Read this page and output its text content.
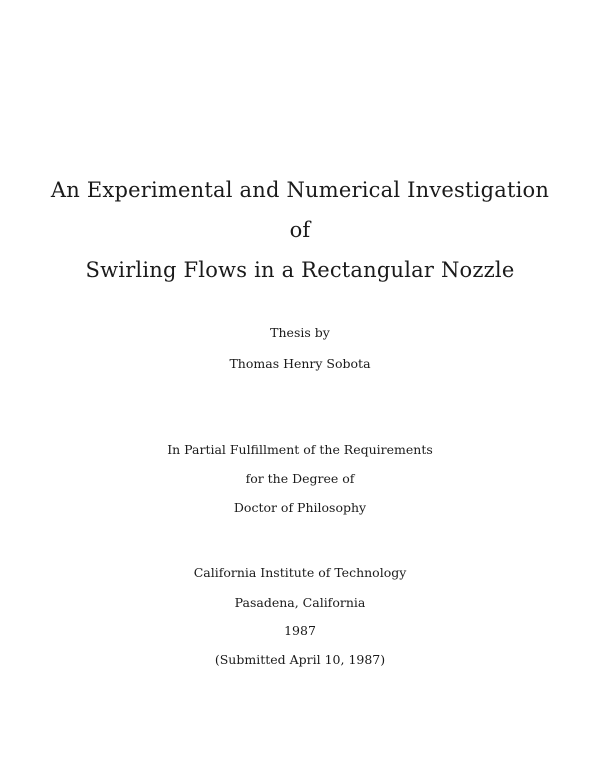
An Experimental and Numerical Investigation
of
Swirling Flows in a Rectangular Nozzle
Thesis by
Thomas Henry Sobota
In Partial Fulfillment of the Requirements
for the Degree of
Doctor of Philosophy
California Institute of Technology
Pasadena, California
1987
(Submitted April 10, 1987)
